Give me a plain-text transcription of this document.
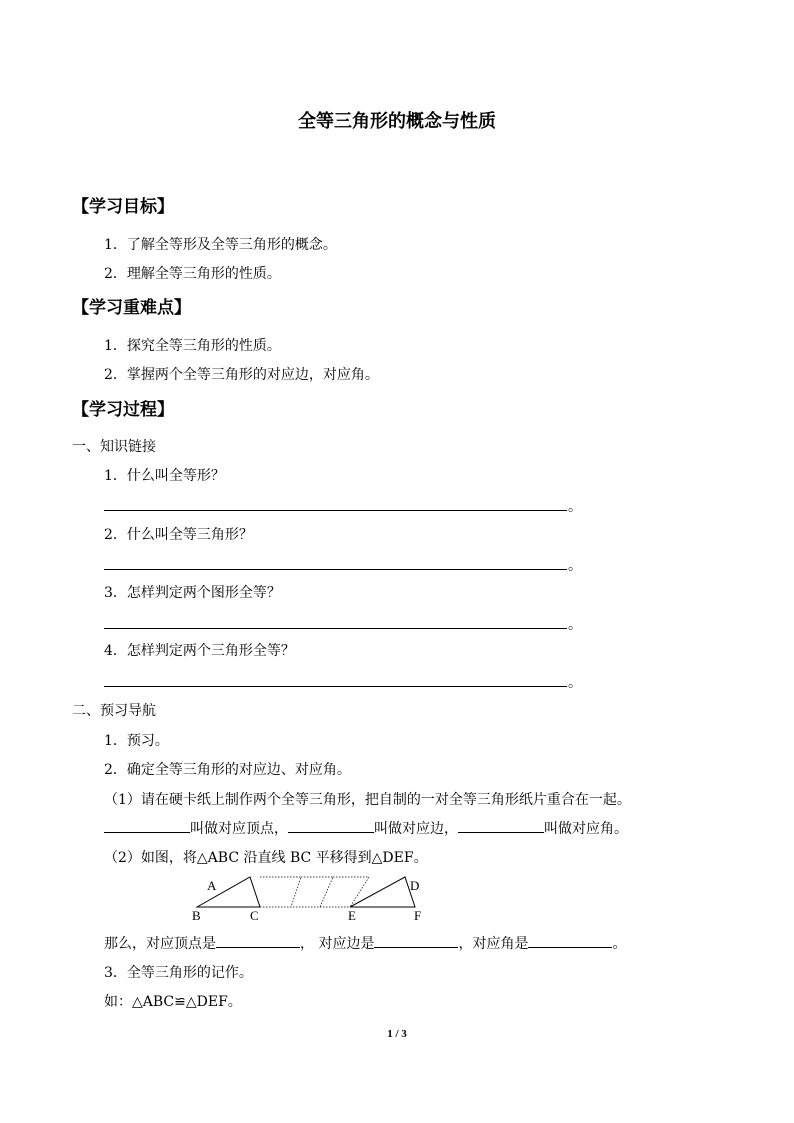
全等三角形的概念与性质
【学习目标】
1．了解全等形及全等三角形的概念。
2．理解全等三角形的性质。
【学习重难点】
1．探究全等三角形的性质。
2．掌握两个全等三角形的对应边，对应角。
【学习过程】
一、知识链接
1．什么叫全等形？
。
2．什么叫全等三角形？
。
3．怎样判定两个图形全等？
。
4．怎样判定两个三角形全等？
。
二、预习导航
1．预习。
2．确定全等三角形的对应边、对应角。
（1）请在硬卡纸上制作两个全等三角形，把自制的一对全等三角形纸片重合在一起。
叫做对应顶点，	叫做对应边，	叫做对应角。
（2）如图，将△ABC 沿直线 BC 平移得到△DEF。
A
B	C
D
E	F
那么，对应顶点是	， 对应边是	，对应角是	。
3．全等三角形的记作。
如：△ABC≌△DEF。
1 / 3
